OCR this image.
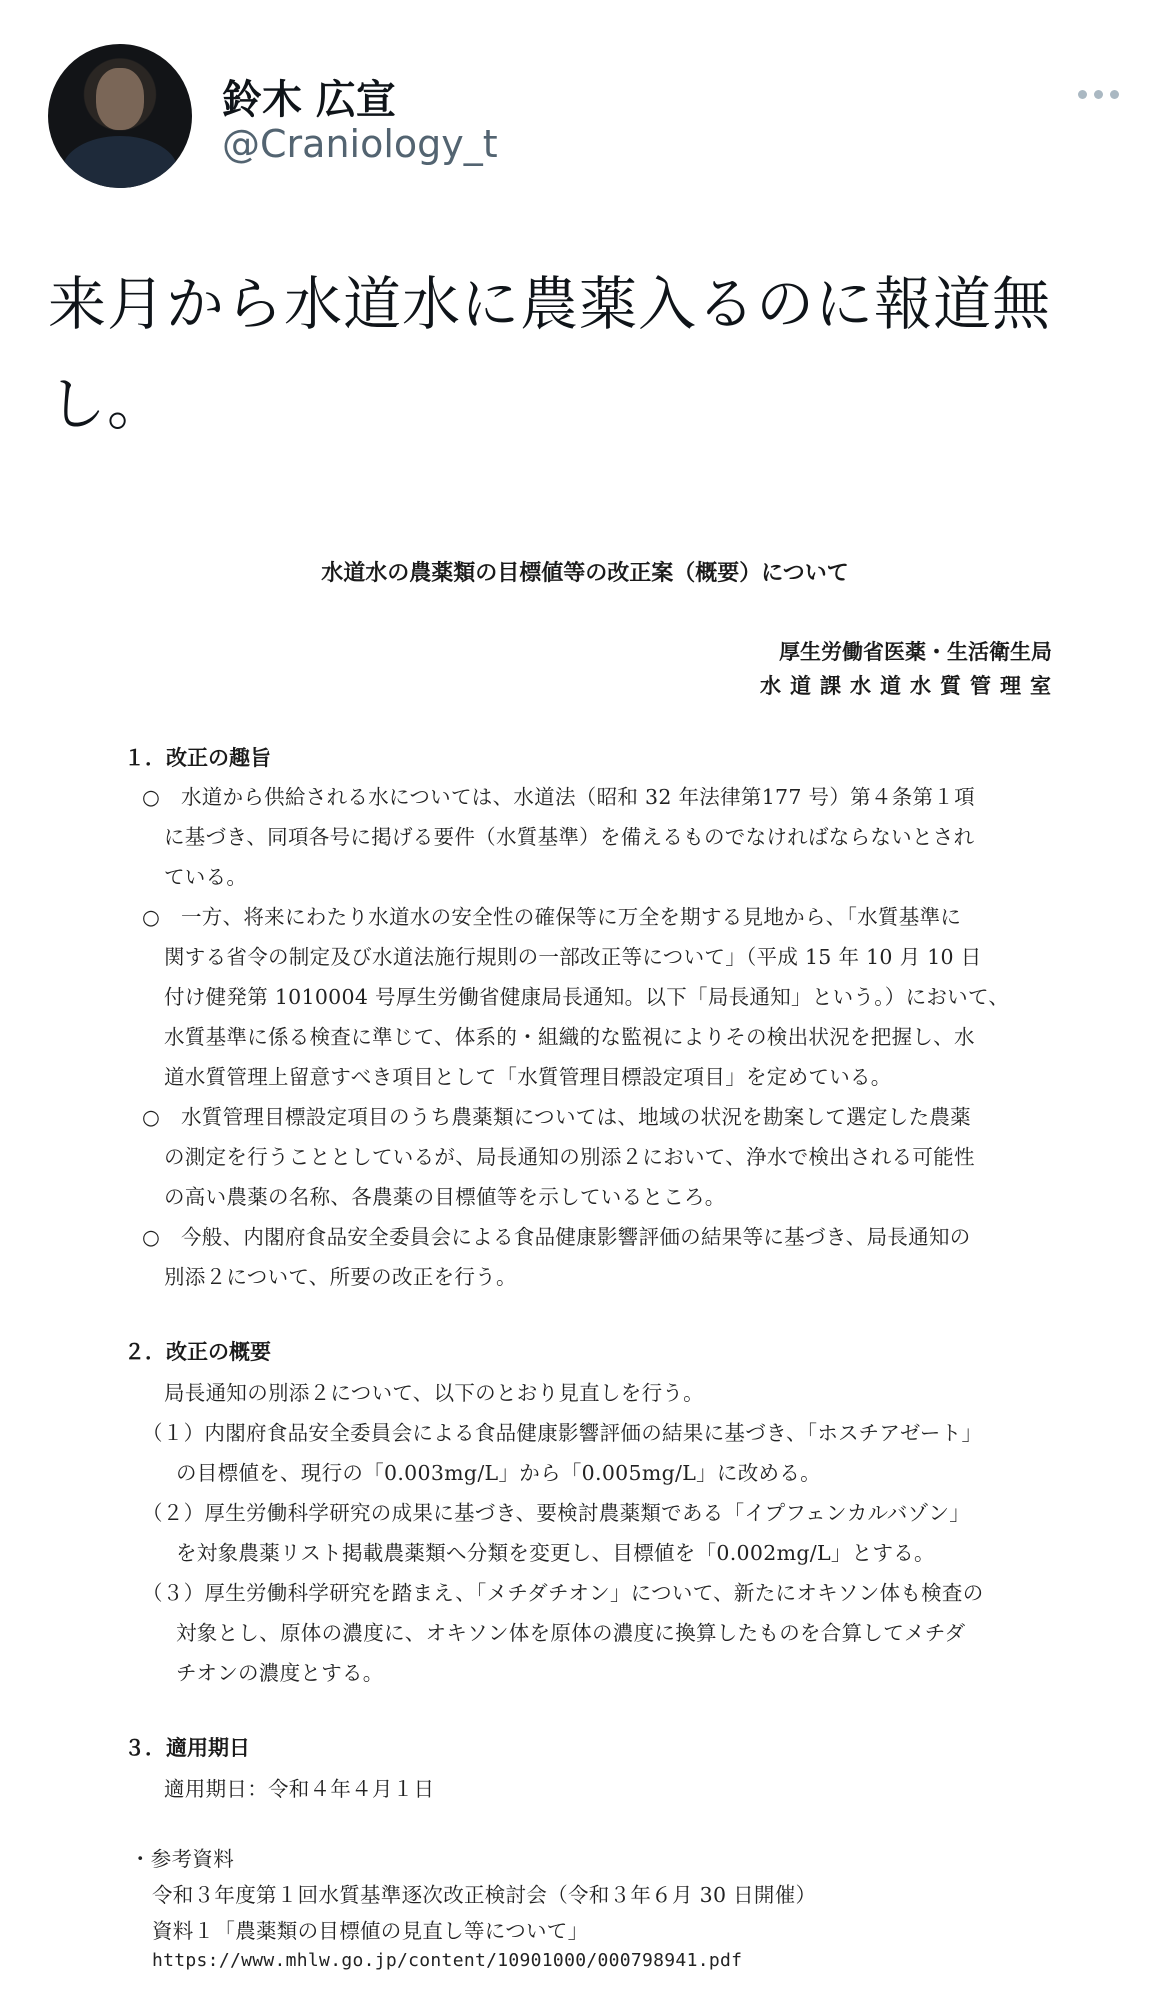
鈴木 広宣
@Craniology_t
来月から水道水に農薬入るのに報道無し。
水道水の農薬類の目標値等の改正案（概要）について
厚生労働省医薬・生活衛生局
水道課水道水質管理室
１．改正の趣旨
○　水道から供給される水については、水道法（昭和 32 年法律第177 号）第４条第１項
に基づき、同項各号に掲げる要件（水質基準）を備えるものでなければならないとされ
ている。
○　一方、将来にわたり水道水の安全性の確保等に万全を期する見地から、「水質基準に
関する省令の制定及び水道法施行規則の一部改正等について」（平成 15 年 10 月 10 日
付け健発第 1010004 号厚生労働省健康局長通知。以下「局長通知」という。）において、
水質基準に係る検査に準じて、体系的・組織的な監視によりその検出状況を把握し、水
道水質管理上留意すべき項目として「水質管理目標設定項目」を定めている。
○　水質管理目標設定項目のうち農薬類については、地域の状況を勘案して選定した農薬
の測定を行うこととしているが、局長通知の別添２において、浄水で検出される可能性
の高い農薬の名称、各農薬の目標値等を示しているところ。
○　今般、内閣府食品安全委員会による食品健康影響評価の結果等に基づき、局長通知の
別添２について、所要の改正を行う。
２．改正の概要
局長通知の別添２について、以下のとおり見直しを行う。
（１）内閣府食品安全委員会による食品健康影響評価の結果に基づき、「ホスチアゼート」
の目標値を、現行の「0.003mg/L」から「0.005mg/L」に改める。
（２）厚生労働科学研究の成果に基づき、要検討農薬類である「イプフェンカルバゾン」
を対象農薬リスト掲載農薬類へ分類を変更し、目標値を「0.002mg/L」とする。
（３）厚生労働科学研究を踏まえ、「メチダチオン」について、新たにオキソン体も検査の
対象とし、原体の濃度に、オキソン体を原体の濃度に換算したものを合算してメチダ
チオンの濃度とする。
３．適用期日
適用期日：令和４年４月１日
・参考資料
令和３年度第１回水質基準逐次改正検討会（令和３年６月 30 日開催）
資料１「農薬類の目標値の見直し等について」
https://www.mhlw.go.jp/content/10901000/000798941.pdf
